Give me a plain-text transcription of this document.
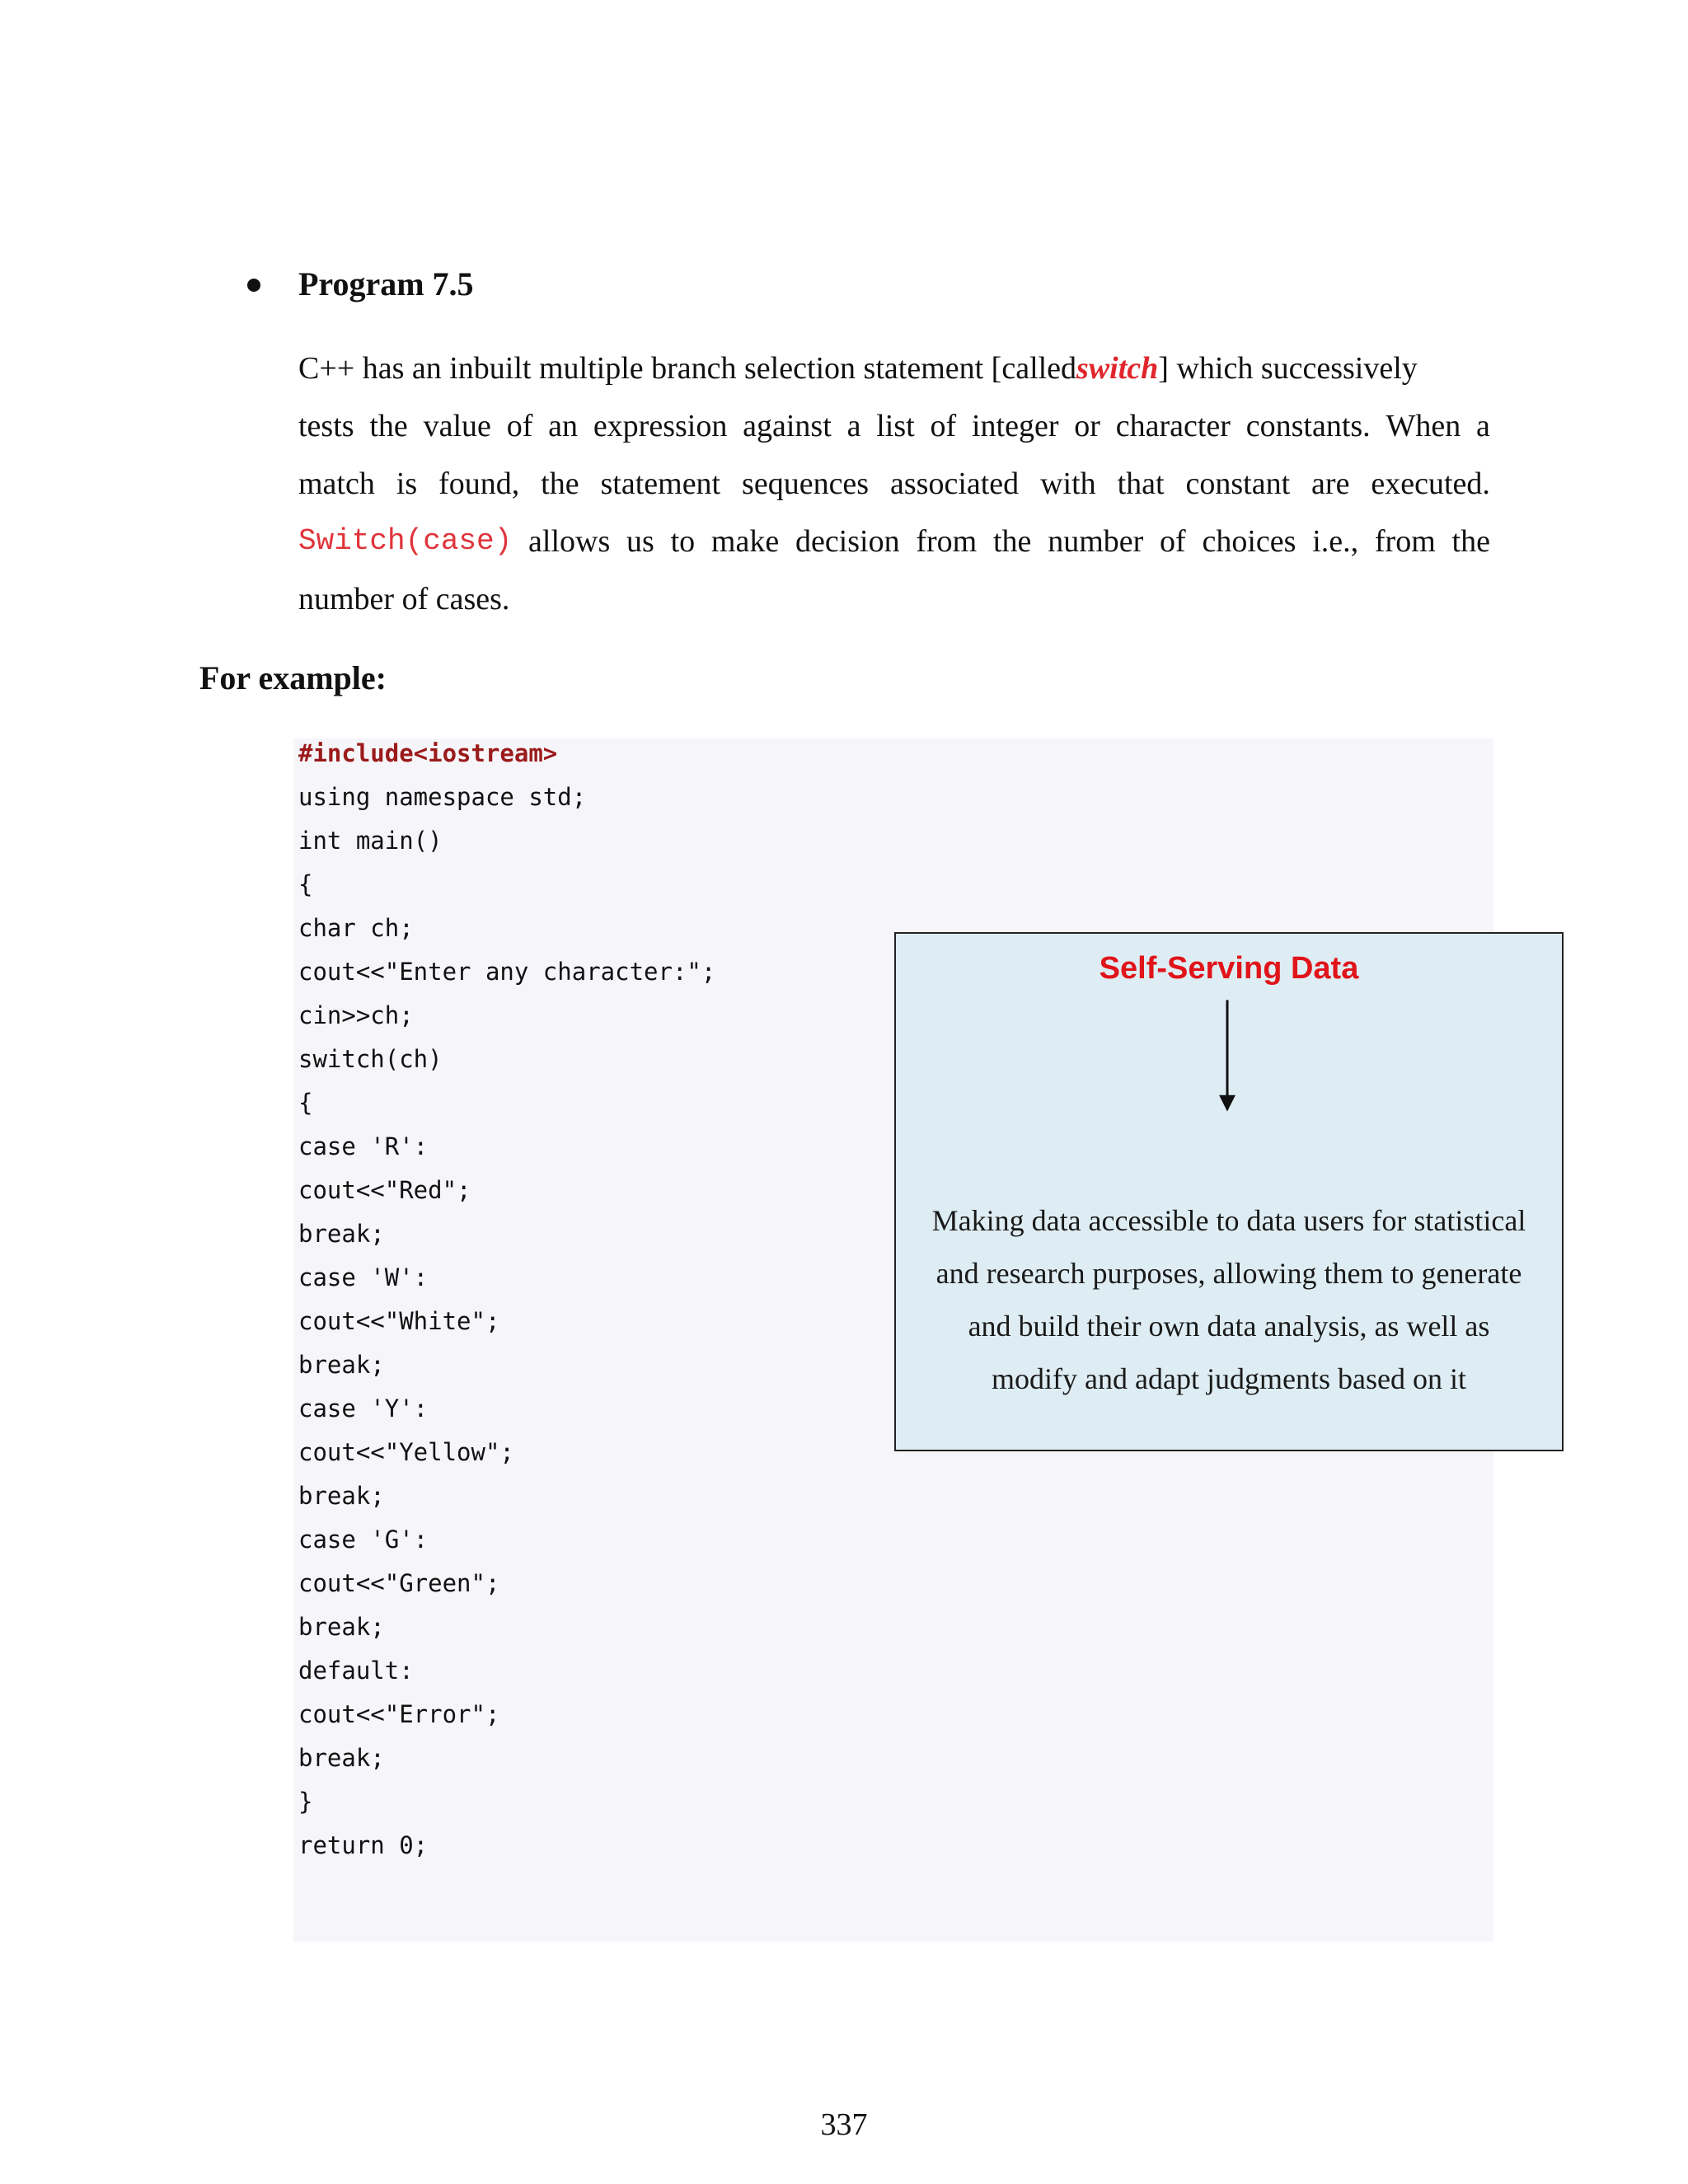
Program 7.5
C++ has an inbuilt multiple branch selection statement [called switch ] which successively
tests the value of an expression against a list of integer or character constants. When a
match is found, the statement sequences associated with that constant are executed.
Switch(case) allows us to make decision from the number of choices i.e., from the
number of cases.
For example:
#include<iostream>
using namespace std;
int main()
{
char ch;
cout<<"Enter any character:";
cin>>ch;
switch(ch)
{
case 'R':
cout<<"Red";
break;
case 'W':
cout<<"White";
break;
case 'Y':
cout<<"Yellow";
break;
case 'G':
cout<<"Green";
break;
default:
cout<<"Error";
break;
}
return 0;
Self-Serving Data
Making data accessible to data users for statistical
and research purposes, allowing them to generate
and build their own data analysis, as well as
modify and adapt judgments based on it
337
